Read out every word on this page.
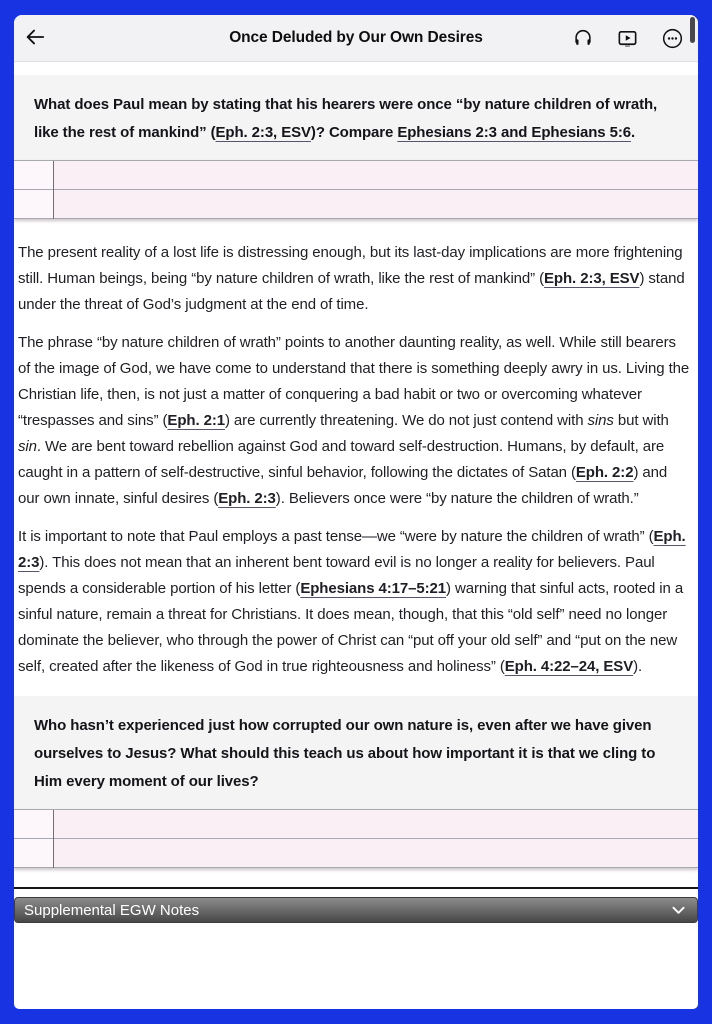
Once Deluded by Our Own Desires
What does Paul mean by stating that his hearers were once “by nature children of wrath, like the rest of mankind” (Eph. 2:3, ESV)? Compare Ephesians 2:3 and Ephesians 5:6.

The present reality of a lost life is distressing enough, but its last-day implications are more frightening still. Human beings, being “by nature children of wrath, like the rest of mankind” (Eph. 2:3, ESV) stand under the threat of God’s judgment at the end of time.

The phrase “by nature children of wrath” points to another daunting reality, as well. While still bearers of the image of God, we have come to understand that there is something deeply awry in us. Living the Christian life, then, is not just a matter of conquering a bad habit or two or overcoming whatever “trespasses and sins” (Eph. 2:1) are currently threatening. We do not just contend with sins but with sin. We are bent toward rebellion against God and toward self-destruction. Humans, by default, are caught in a pattern of self-destructive, sinful behavior, following the dictates of Satan (Eph. 2:2) and our own innate, sinful desires (Eph. 2:3). Believers once were “by nature the children of wrath.”

It is important to note that Paul employs a past tense—we “were by nature the children of wrath” (Eph. 2:3). This does not mean that an inherent bent toward evil is no longer a reality for believers. Paul spends a considerable portion of his letter (Ephesians 4:17–5:21) warning that sinful acts, rooted in a sinful nature, remain a threat for Christians. It does mean, though, that this “old self” need no longer dominate the believer, who through the power of Christ can “put off your old self” and “put on the new self, created after the likeness of God in true righteousness and holiness” (Eph. 4:22–24, ESV).

Who hasn’t experienced just how corrupted our own nature is, even after we have given ourselves to Jesus? What should this teach us about how important it is that we cling to Him every moment of our lives?
Supplemental EGW Notes
